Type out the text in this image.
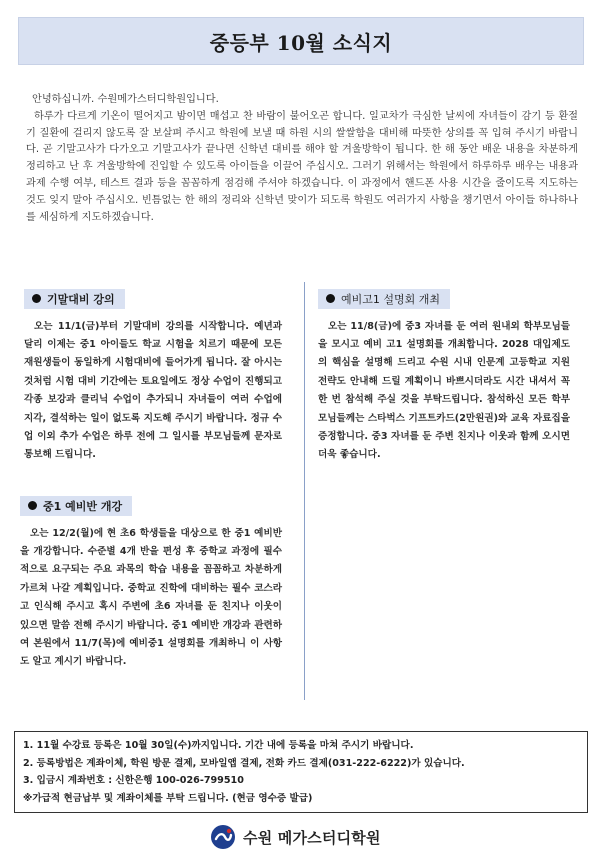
중등부 10월 소식지

안녕하십니까. 수원메가스터디학원입니다.

하루가 다르게 기온이 떨어지고 밤이면 매섭고 찬 바람이 불어오곤 합니다. 일교차가 극심한 날씨에 자녀들이 감기 등 환절기 질환에 걸리지 않도록 잘 보살펴 주시고 학원에 보낼 때 하원 시의 쌀쌀함을 대비해 따뜻한 상의를 꼭 입혀 주시기 바랍니다. 곧 기말고사가 다가오고 기말고사가 끝나면 신학년 대비를 해야 할 겨울방학이 됩니다. 한 해 동안 배운 내용을 차분하게 정리하고 난 후 겨울방학에 진입할 수 있도록 아이들을 이끌어 주십시오. 그러기 위해서는 학원에서 하루하루 배우는 내용과 과제 수행 여부, 테스트 결과 등을 꼼꼼하게 점검해 주셔야 하겠습니다. 이 과정에서 핸드폰 사용 시간을 줄이도록 지도하는 것도 잊지 말아 주십시오. 빈틈없는 한 해의 정리와 신학년 맞이가 되도록 학원도 여러가지 사항을 챙기면서 아이들 하나하나를 세심하게 지도하겠습니다.

기말대비 강의

오는 11/1(금)부터 기말대비 강의를 시작합니다. 예년과 달리 이제는 중1 아이들도 학교 시험을 치르기 때문에 모든 재원생들이 동일하게 시험대비에 들어가게 됩니다. 잘 아시는 것처럼 시험 대비 기간에는 토요일에도 정상 수업이 진행되고 각종 보강과 클리닉 수업이 추가되니 자녀들이 여러 수업에 지각, 결석하는 일이 없도록 지도해 주시기 바랍니다. 정규 수업 이외 추가 수업은 하루 전에 그 일시를 부모님들께 문자로 통보해 드립니다.

중1 예비반 개강

오는 12/2(월)에 현 초6 학생들을 대상으로 한 중1 예비반을 개강합니다. 수준별 4개 반을 편성 후 중학교 과정에 필수적으로 요구되는 주요 과목의 학습 내용을 꼼꼼하고 차분하게 가르쳐 나갈 계획입니다. 중학교 진학에 대비하는 필수 코스라고 인식해 주시고 혹시 주변에 초6 자녀를 둔 친지나 이웃이 있으면 말씀 전해 주시기 바랍니다. 중1 예비반 개강과 관련하여 본원에서 11/7(목)에 예비중1 설명회를 개최하니 이 사항도 알고 계시기 바랍니다.

예비고1 설명회 개최

오는 11/8(금)에 중3 자녀를 둔 여러 원내외 학부모님들을 모시고 예비 고1 설명회를 개최합니다. 2028 대입제도의 핵심을 설명해 드리고 수원 시내 인문계 고등학교 지원 전략도 안내해 드릴 계획이니 바쁘시더라도 시간 내셔서 꼭 한 번 참석해 주실 것을 부탁드립니다. 참석하신 모든 학부모님들께는 스타벅스 기프트카드(2만원권)와 교육 자료집을 증정합니다. 중3 자녀를 둔 주변 친지나 이웃과 함께 오시면 더욱 좋습니다.

1. 11월 수강료 등록은 10월 30일(수)까지입니다. 기간 내에 등록을 마쳐 주시기 바랍니다.
2. 등록방법은 계좌이체, 학원 방문 결제, 모바일앱 결제, 전화 카드 결제(031-222-6222)가 있습니다.
3. 입금시 계좌번호 : 신한은행 100-026-799510
※가급적 현금납부 및 계좌이체를 부탁 드립니다. (현금 영수증 발급)
수원 메가스터디학원
